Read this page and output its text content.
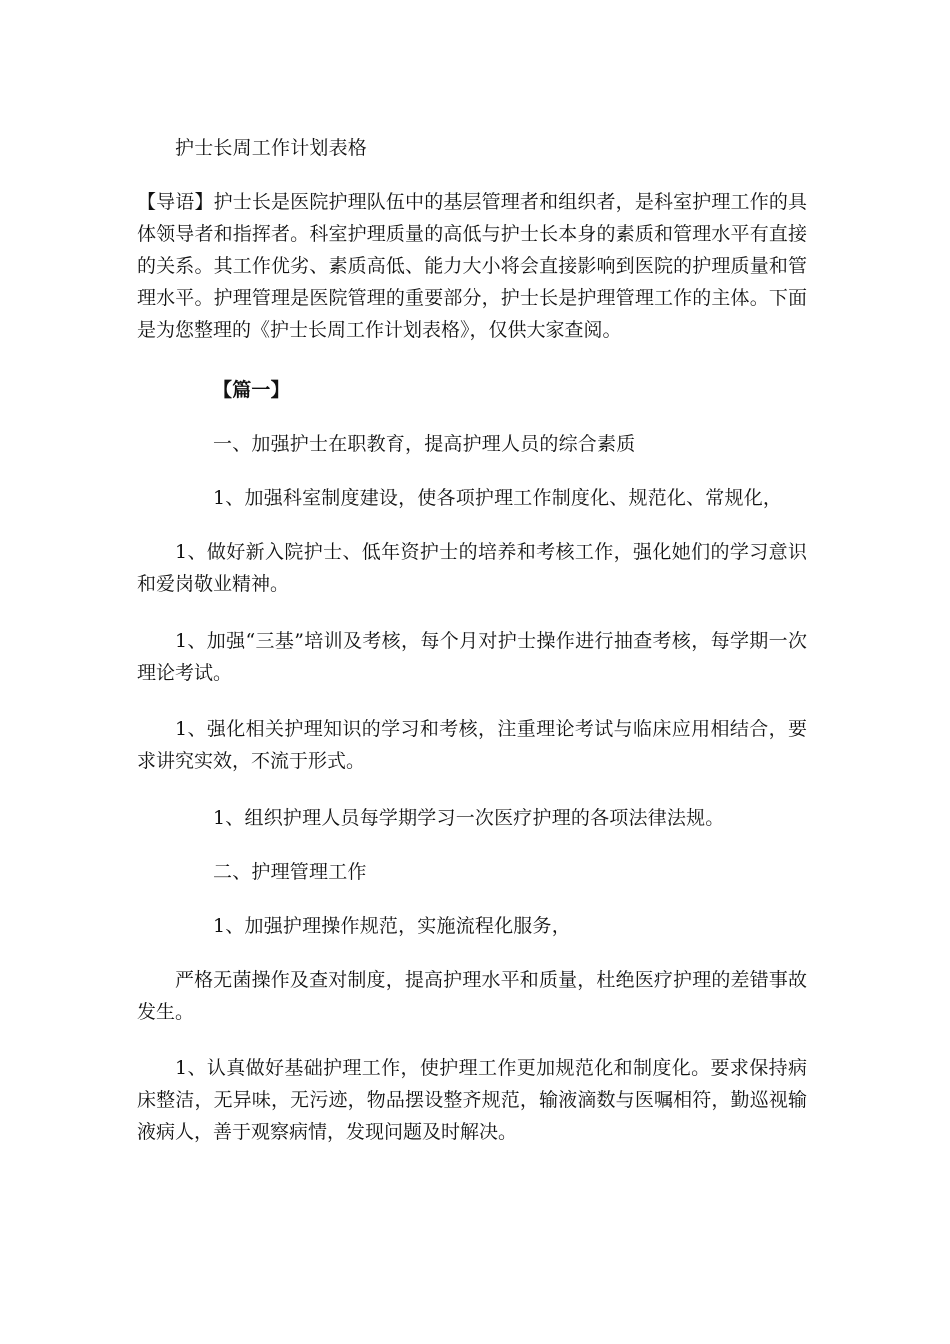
护士长周工作计划表格
【导语】护士长是医院护理队伍中的基层管理者和组织者，是科室护理工作的具体领导者和指挥者。科室护理质量的高低与护士长本身的素质和管理水平有直接的关系。其工作优劣、素质高低、能力大小将会直接影响到医院的护理质量和管理水平。护理管理是医院管理的重要部分，护士长是护理管理工作的主体。下面是为您整理的《护士长周工作计划表格》，仅供大家查阅。
【篇一】
一、加强护士在职教育，提高护理人员的综合素质
1、加强科室制度建设，使各项护理工作制度化、规范化、常规化，
1、做好新入院护士、低年资护士的培养和考核工作，强化她们的学习意识和爱岗敬业精神。
1、加强“三基”培训及考核，每个月对护士操作进行抽查考核，每学期一次理论考试。
1、强化相关护理知识的学习和考核，注重理论考试与临床应用相结合，要求讲究实效，不流于形式。
1、组织护理人员每学期学习一次医疗护理的各项法律法规。
二、护理管理工作
1、加强护理操作规范，实施流程化服务，
严格无菌操作及查对制度，提高护理水平和质量，杜绝医疗护理的差错事故发生。
1、认真做好基础护理工作，使护理工作更加规范化和制度化。要求保持病床整洁，无异味，无污迹，物品摆设整齐规范，输液滴数与医嘱相符，勤巡视输液病人，善于观察病情，发现问题及时解决。
